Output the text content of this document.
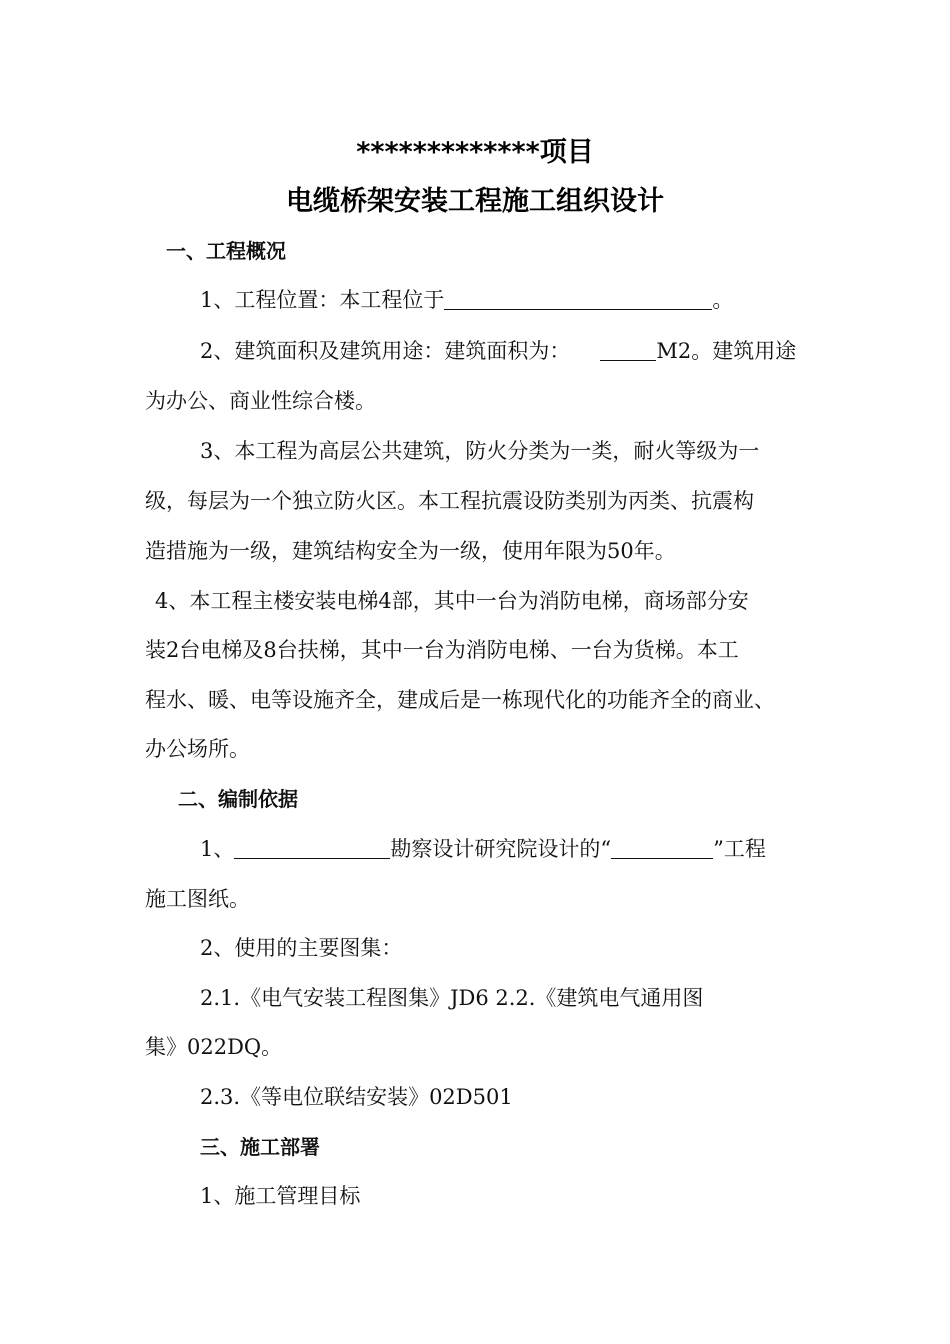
*************项目
电缆桥架安装工程施工组织设计
一、工程概况
1、工程位置：本工程位于	。
2、建筑面积及建筑用途：建筑面积为：	M2。建筑用途
为办公、商业性综合楼。
3、本工程为高层公共建筑，防火分类为一类，耐火等级为一
级，每层为一个独立防火区。本工程抗震设防类别为丙类、抗震构
造措施为一级，建筑结构安全为一级，使用年限为50年。
4、本工程主楼安装电梯4部，其中一台为消防电梯，商场部分安
装2台电梯及8台扶梯，其中一台为消防电梯、一台为货梯。本工
程水、暖、电等设施齐全，建成后是一栋现代化的功能齐全的商业、
办公场所。
二、编制依据
1、	勘察设计研究院设计的“	”工程
施工图纸。
2、使用的主要图集：
2.1.《电气安装工程图集》JD6 2.2.《建筑电气通用图
集》022DQ。
2.3.《等电位联结安装》02D501
三、施工部署
1、施工管理目标
